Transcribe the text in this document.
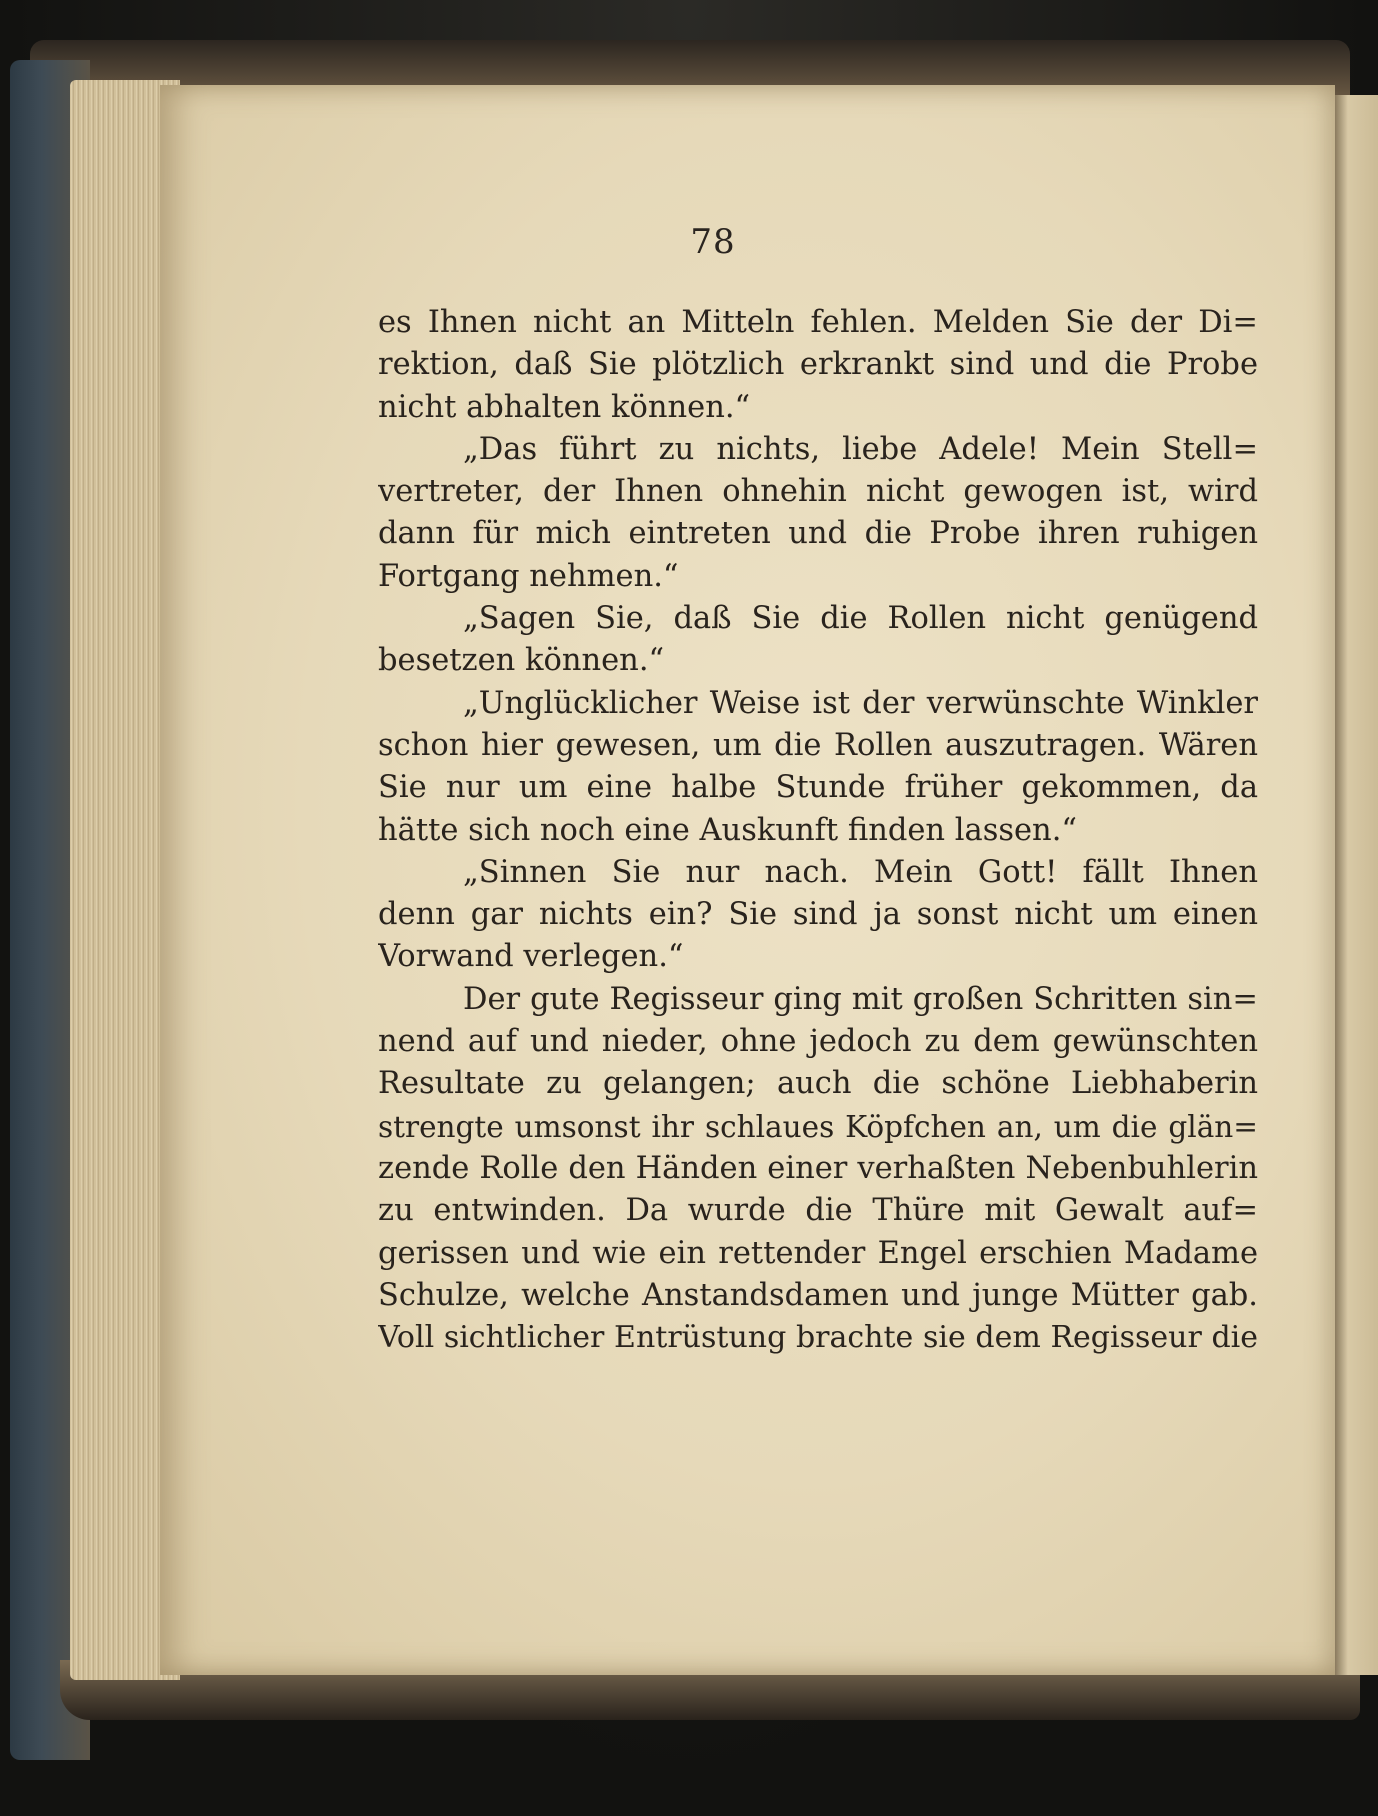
78
es Ihnen nicht an Mitteln fehlen. Melden Sie der Di=
rektion, daß Sie plötzlich erkrankt sind und die Probe
nicht abhalten können.“
„Das führt zu nichts, liebe Adele! Mein Stell=
vertreter, der Ihnen ohnehin nicht gewogen ist, wird
dann für mich eintreten und die Probe ihren ruhigen
Fortgang nehmen.“
„Sagen Sie, daß Sie die Rollen nicht genügend
besetzen können.“
„Unglücklicher Weise ist der verwünschte Winkler
schon hier gewesen, um die Rollen auszutragen. Wären
Sie nur um eine halbe Stunde früher gekommen, da
hätte sich noch eine Auskunft finden lassen.“
„Sinnen Sie nur nach. Mein Gott! fällt Ihnen
denn gar nichts ein? Sie sind ja sonst nicht um einen
Vorwand verlegen.“
Der gute Regisseur ging mit großen Schritten sin=
nend auf und nieder, ohne jedoch zu dem gewünschten
Resultate zu gelangen; auch die schöne Liebhaberin
strengte umsonst ihr schlaues Köpfchen an, um die glän=
zende Rolle den Händen einer verhaßten Nebenbuhlerin
zu entwinden. Da wurde die Thüre mit Gewalt auf=
gerissen und wie ein rettender Engel erschien Madame
Schulze, welche Anstandsdamen und junge Mütter gab.
Voll sichtlicher Entrüstung brachte sie dem Regisseur die
